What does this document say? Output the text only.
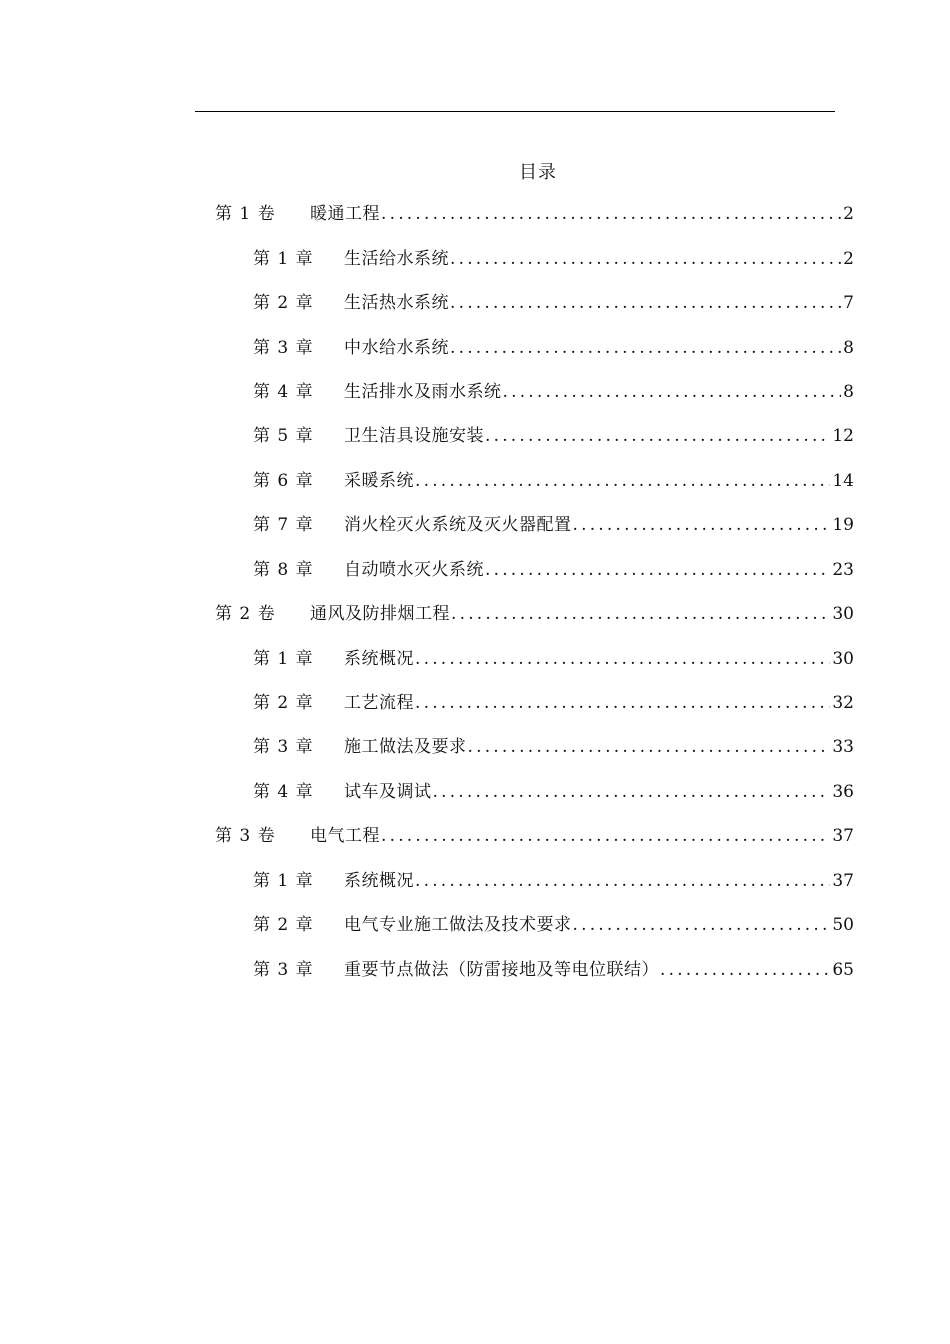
目录
第 1 卷	暖通工程 .....	2
第 1 章	生活给水系统 .....	2
第 2 章	生活热水系统 .....	7
第 3 章	中水给水系统 .....	8
第 4 章	生活排水及雨水系统 .....	8
第 5 章	卫生洁具设施安装 .....	12
第 6 章	采暖系统 .....	14
第 7 章	消火栓灭火系统及灭火器配置 .....	19
第 8 章	自动喷水灭火系统 .....	23
第 2 卷	通风及防排烟工程 .....	30
第 1 章	系统概况 .....	30
第 2 章	工艺流程 .....	32
第 3 章	施工做法及要求 .....	33
第 4 章	试车及调试 .....	36
第 3 卷	电气工程 .....	37
第 1 章	系统概况 .....	37
第 2 章	电气专业施工做法及技术要求 .....	50
第 3 章	重要节点做法（防雷接地及等电位联结） .....	65
